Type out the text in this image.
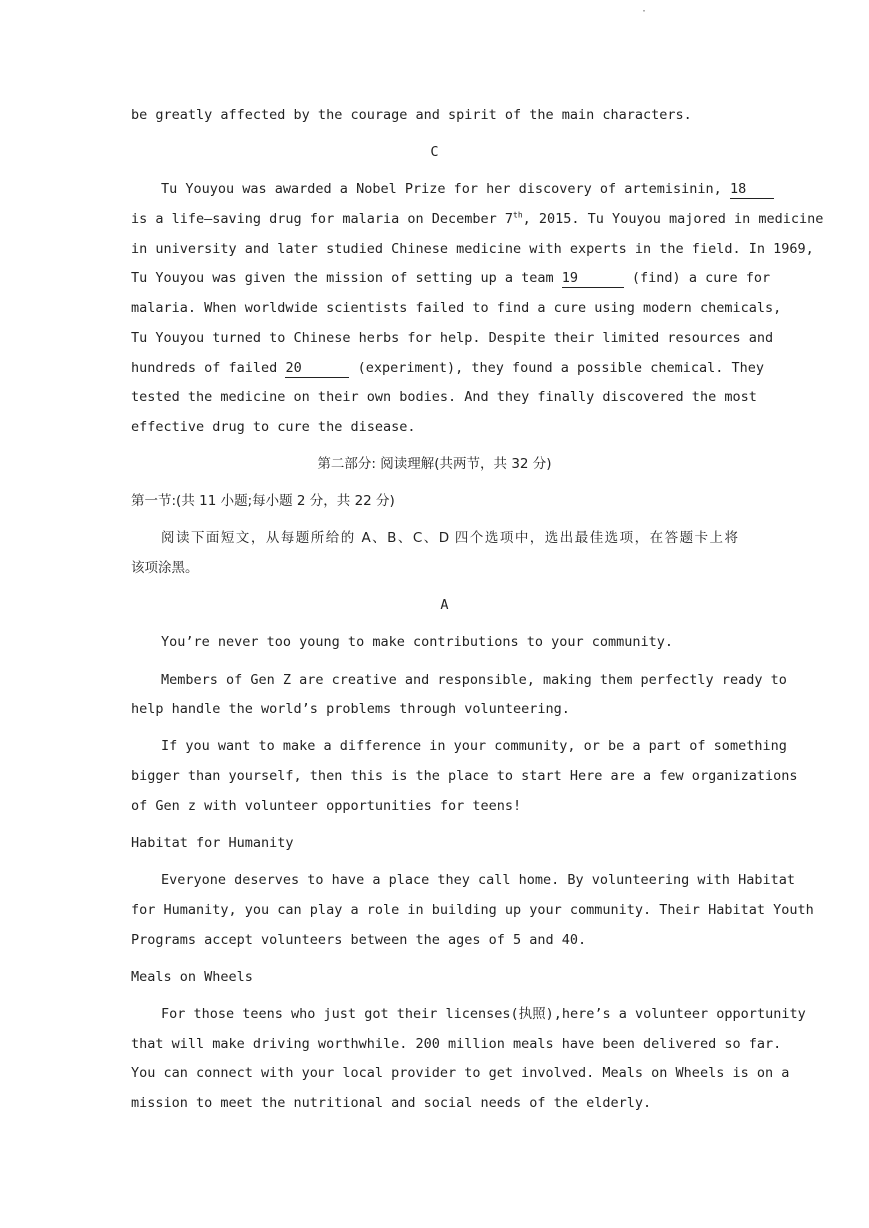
·
be greatly affected by the courage and spirit of the main characters.
C
Tu Youyou was awarded a Nobel Prize for her discovery of artemisinin, 18
is a life—saving drug for malaria on December 7th, 2015. Tu Youyou majored in medicine
in university and later studied Chinese medicine with experts in the field. In 1969,
Tu Youyou was given the mission of setting up a team 19	(find) a cure for
malaria. When worldwide scientists failed to find a cure using modern chemicals,
Tu Youyou turned to Chinese herbs for help. Despite their limited resources and
hundreds of failed 20	(experiment), they found a possible chemical. They
tested the medicine on their own bodies. And they finally discovered the most
effective drug to cure the disease.
第二部分: 阅读理解(共两节，共 32 分)
第一节:(共 11 小题;每小题 2 分，共 22 分)
阅读下面短文，从每题所给的 A、B、C、D 四个选项中，选出最佳选项，在答题卡上将
该项涂黑。
A
You’re never too young to make contributions to your community.
Members of Gen Z are creative and responsible, making them perfectly ready to
help handle the world’s problems through volunteering.
If you want to make a difference in your community, or be a part of something
bigger than yourself, then this is the place to start Here are a few organizations
of Gen z with volunteer opportunities for teens!
Habitat for Humanity
Everyone deserves to have a place they call home. By volunteering with Habitat
for Humanity, you can play a role in building up your community. Their Habitat Youth
Programs accept volunteers between the ages of 5 and 40.
Meals on Wheels
For those teens who just got their licenses(执照),here’s a volunteer opportunity
that will make driving worthwhile. 200 million meals have been delivered so far.
You can connect with your local provider to get involved. Meals on Wheels is on a
mission to meet the nutritional and social needs of the elderly.
